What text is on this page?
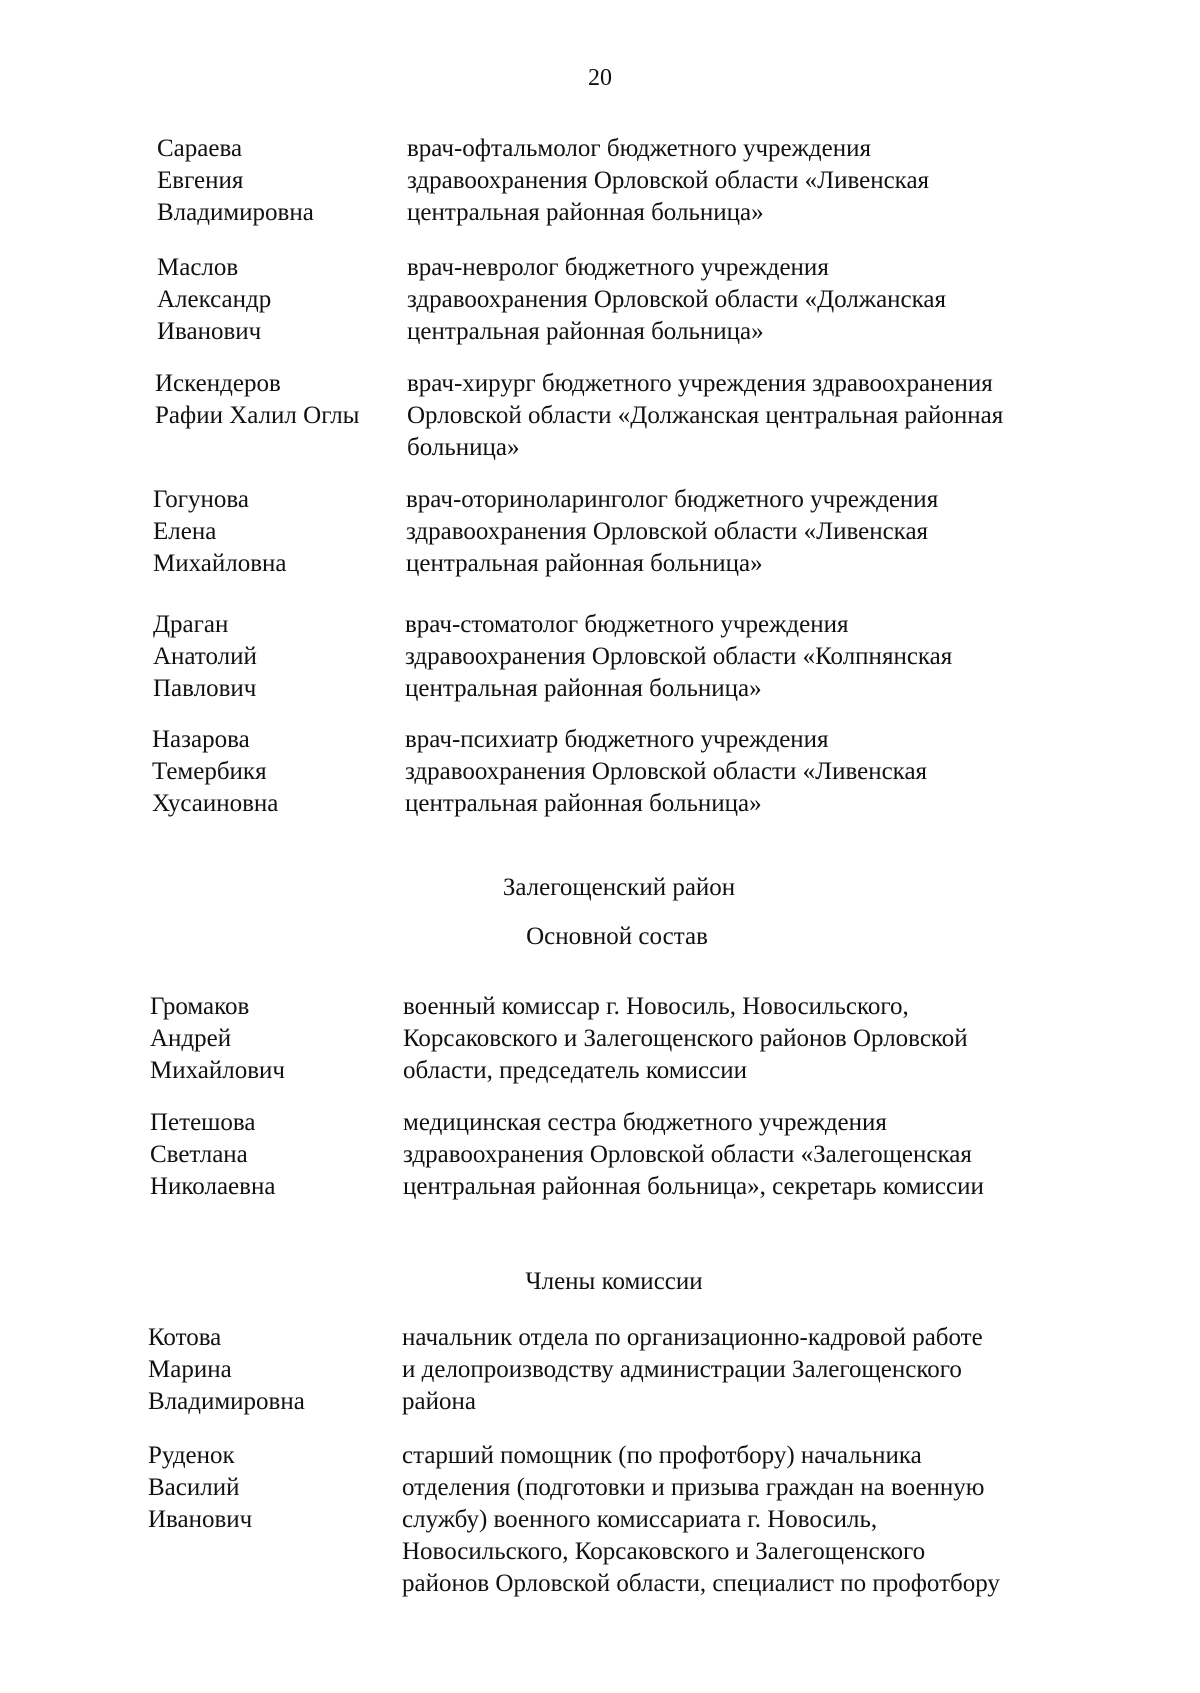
20
Сараева
Евгения
Владимировна
врач-офтальмолог бюджетного учреждения
здравоохранения Орловской области «Ливенская
центральная районная больница»
Маслов
Александр
Иванович
врач-невролог бюджетного учреждения
здравоохранения Орловской области «Должанская
центральная районная больница»
Искендеров
Рафии Халил Оглы
врач-хирург бюджетного учреждения здравоохранения
Орловской области «Должанская центральная районная
больница»
Гогунова
Елена
Михайловна
врач-оториноларинголог бюджетного учреждения
здравоохранения Орловской области «Ливенская
центральная районная больница»
Драган
Анатолий
Павлович
врач-стоматолог бюджетного учреждения
здравоохранения Орловской области «Колпнянская
центральная районная больница»
Назарова
Темербикя
Хусаиновна
врач-психиатр бюджетного учреждения
здравоохранения Орловской области «Ливенская
центральная районная больница»
Залегощенский район
Основной состав
Громаков
Андрей
Михайлович
военный комиссар г. Новосиль, Новосильского,
Корсаковского и Залегощенского районов Орловской
области, председатель комиссии
Петешова
Светлана
Николаевна
медицинская сестра бюджетного учреждения
здравоохранения Орловской области «Залегощенская
центральная районная больница», секретарь комиссии
Члены комиссии
Котова
Марина
Владимировна
начальник отдела по организационно-кадровой работе
и делопроизводству администрации Залегощенского
района
Руденок
Василий
Иванович
старший помощник (по профотбору) начальника
отделения (подготовки и призыва граждан на военную
службу) военного комиссариата г. Новосиль,
Новосильского, Корсаковского и Залегощенского
районов Орловской области, специалист по профотбору
